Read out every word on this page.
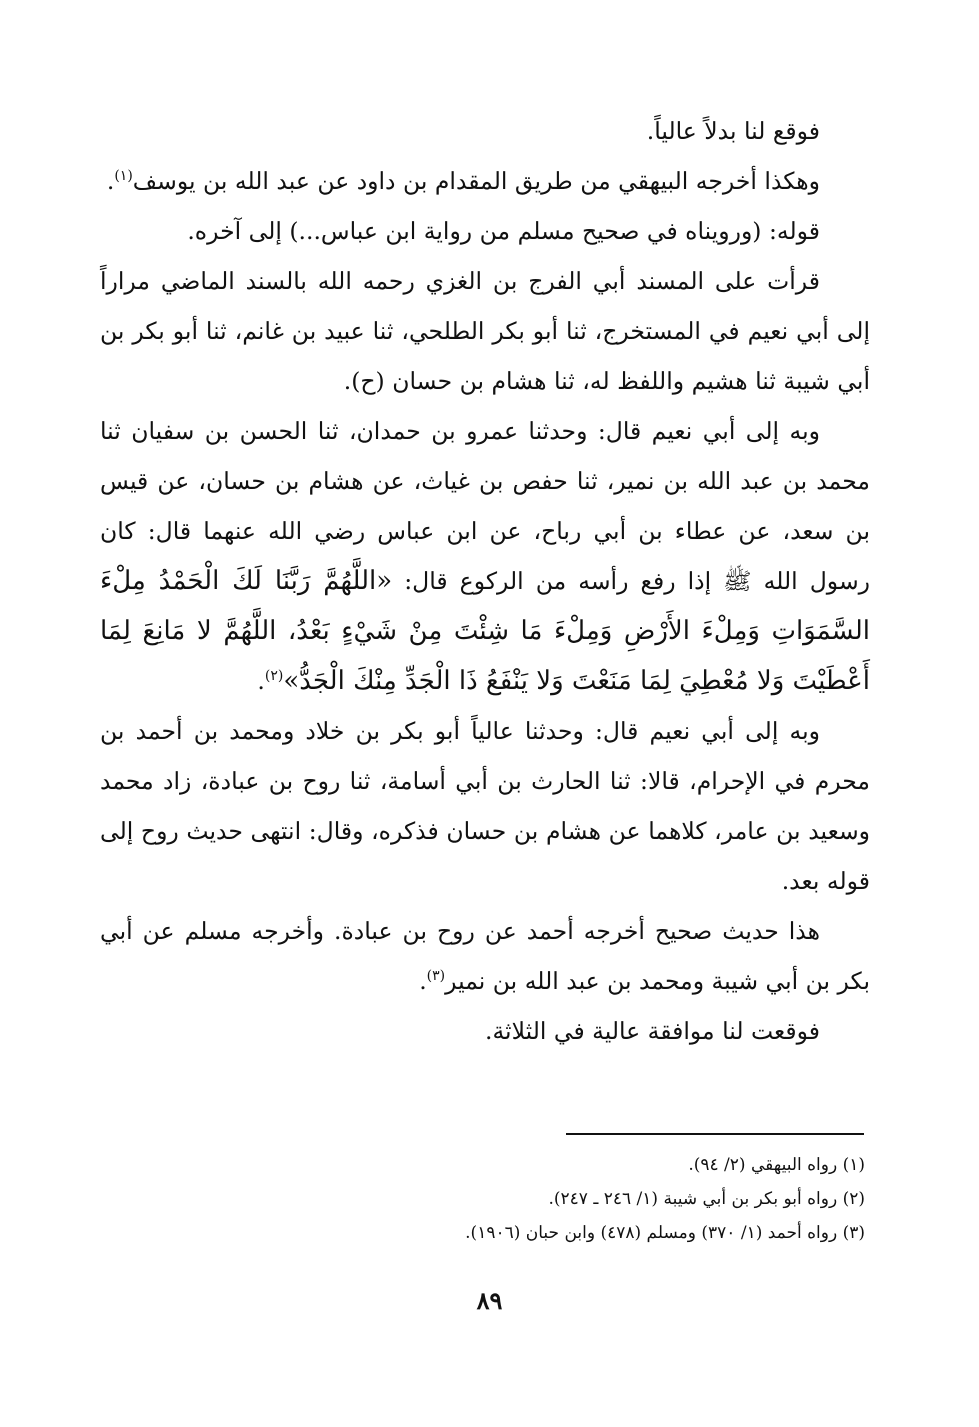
فوقع لنا بدلاً عالياً.

وهكذا أخرجه البيهقي من طريق المقدام بن داود عن عبد الله بن يوسف$^{(١)}$.

قوله: (ورويناه في صحيح مسلم من رواية ابن عباس...) إلى آخره.

قرأت على المسند أبي الفرج بن الغزي رحمه الله بالسند الماضي مراراً إلى أبي نعيم في المستخرج، ثنا أبو بكر الطلحي، ثنا عبيد بن غانم، ثنا أبو بكر بن أبي شيبة ثنا هشيم واللفظ له، ثنا هشام بن حسان (ح).

وبه إلى أبي نعيم قال: وحدثنا عمرو بن حمدان، ثنا الحسن بن سفيان ثنا محمد بن عبد الله بن نمير، ثنا حفص بن غياث، عن هشام بن حسان، عن قيس بن سعد، عن عطاء بن أبي رباح، عن ابن عباس رضي الله عنهما قال: كان رسول الله ﷺ إذا رفع رأسه من الركوع قال: «اللَّهُمَّ رَبَّنَا لَكَ الْحَمْدُ مِلْءَ السَّمَوَاتِ وَمِلْءَ الأَرْضِ وَمِلْءَ مَا شِئْتَ مِنْ شَيْءٍ بَعْدُ، اللَّهُمَّ لا مَانِعَ لِمَا أَعْطَيْتَ وَلا مُعْطِيَ لِمَا مَنَعْتَ وَلا يَنْفَعُ ذَا الْجَدِّ مِنْكَ الْجَدُّ»$^{(٢)}$.

وبه إلى أبي نعيم قال: وحدثنا عالياً أبو بكر بن خلاد ومحمد بن أحمد بن محرم في الإحرام، قالا: ثنا الحارث بن أبي أسامة، ثنا روح بن عبادة، زاد محمد وسعيد بن عامر، كلاهما عن هشام بن حسان فذكره، وقال: انتهى حديث روح إلى قوله بعد.

هذا حديث صحيح أخرجه أحمد عن روح بن عبادة. وأخرجه مسلم عن أبي بكر بن أبي شيبة ومحمد بن عبد الله بن نمير$^{(٣)}$.

فوقعت لنا موافقة عالية في الثلاثة.

(١) رواه البيهقي (٢/ ٩٤).
(٢) رواه أبو بكر بن أبي شيبة (١/ ٢٤٦ ـ ٢٤٧).
(٣) رواه أحمد (١/ ٣٧٠) ومسلم (٤٧٨) وابن حبان (١٩٠٦).
٨٩
